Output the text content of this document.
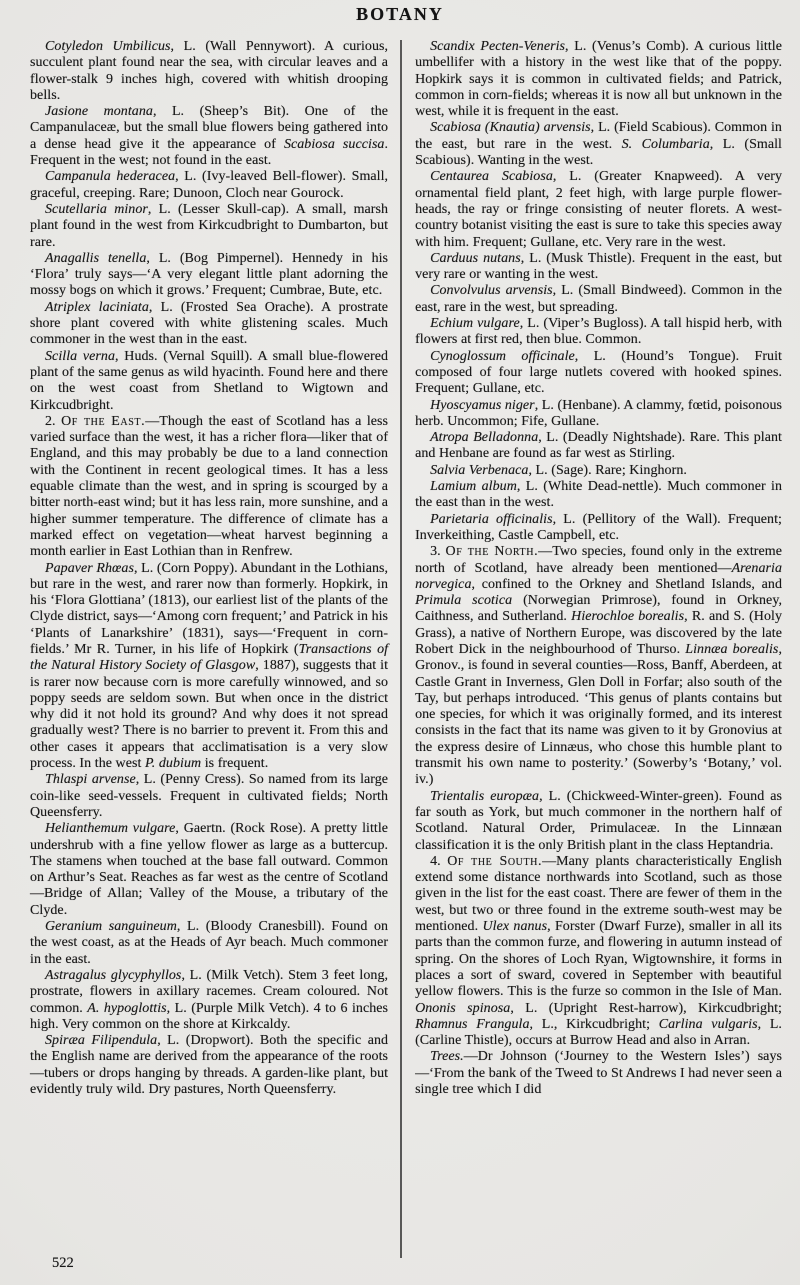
BOTANY

Cotyledon Umbilicus, L. (Wall Pennywort). A curious, succulent plant found near the sea, with circular leaves and a flower-stalk 9 inches high, covered with whitish drooping bells.

Jasione montana, L. (Sheep’s Bit). One of the Campanulaceæ, but the small blue flowers being gathered into a dense head give it the appearance of Scabiosa succisa. Frequent in the west; not found in the east.

Campanula hederacea, L. (Ivy-leaved Bell-flower). Small, graceful, creeping. Rare; Dunoon, Cloch near Gourock.

Scutellaria minor, L. (Lesser Skull-cap). A small, marsh plant found in the west from Kirkcudbright to Dumbarton, but rare.

Anagallis tenella, L. (Bog Pimpernel). Hennedy in his ‘Flora’ truly says—‘A very elegant little plant adorning the mossy bogs on which it grows.’ Frequent; Cumbrae, Bute, etc.

Atriplex laciniata, L. (Frosted Sea Orache). A prostrate shore plant covered with white glistening scales. Much commoner in the west than in the east.

Scilla verna, Huds. (Vernal Squill). A small blue-flowered plant of the same genus as wild hyacinth. Found here and there on the west coast from Shetland to Wigtown and Kirkcudbright.

2. Of the East.—Though the east of Scotland has a less varied surface than the west, it has a richer flora—liker that of England, and this may probably be due to a land connection with the Continent in recent geological times. It has a less equable climate than the west, and in spring is scourged by a bitter north-east wind; but it has less rain, more sunshine, and a higher summer temperature. The difference of climate has a marked effect on vegetation—wheat harvest beginning a month earlier in East Lothian than in Renfrew.

Papaver Rhœas, L. (Corn Poppy). Abundant in the Lothians, but rare in the west, and rarer now than formerly. Hopkirk, in his ‘Flora Glottiana’ (1813), our earliest list of the plants of the Clyde district, says—‘Among corn frequent;’ and Patrick in his ‘Plants of Lanarkshire’ (1831), says—‘Frequent in corn-fields.’ Mr R. Turner, in his life of Hopkirk (Transactions of the Natural History Society of Glasgow, 1887), suggests that it is rarer now because corn is more carefully winnowed, and so poppy seeds are seldom sown. But when once in the district why did it not hold its ground? And why does it not spread gradually west? There is no barrier to prevent it. From this and other cases it appears that acclimatisation is a very slow process. In the west P. dubium is frequent.

Thlaspi arvense, L. (Penny Cress). So named from its large coin-like seed-vessels. Frequent in cultivated fields; North Queensferry.

Helianthemum vulgare, Gaertn. (Rock Rose). A pretty little undershrub with a fine yellow flower as large as a buttercup. The stamens when touched at the base fall outward. Common on Arthur’s Seat. Reaches as far west as the centre of Scotland—Bridge of Allan; Valley of the Mouse, a tributary of the Clyde.

Geranium sanguineum, L. (Bloody Cranesbill). Found on the west coast, as at the Heads of Ayr beach. Much commoner in the east.

Astragalus glycyphyllos, L. (Milk Vetch). Stem 3 feet long, prostrate, flowers in axillary racemes. Cream coloured. Not common. A. hypoglottis, L. (Purple Milk Vetch). 4 to 6 inches high. Very common on the shore at Kirkcaldy.

Spiræa Filipendula, L. (Dropwort). Both the specific and the English name are derived from the appearance of the roots—tubers or drops hanging by threads. A garden-like plant, but evidently truly wild. Dry pastures, North Queensferry.

Scandix Pecten-Veneris, L. (Venus’s Comb). A curious little umbellifer with a history in the west like that of the poppy. Hopkirk says it is common in cultivated fields; and Patrick, common in corn-fields; whereas it is now all but unknown in the west, while it is frequent in the east.

Scabiosa (Knautia) arvensis, L. (Field Scabious). Common in the east, but rare in the west. S. Columbaria, L. (Small Scabious). Wanting in the west.

Centaurea Scabiosa, L. (Greater Knapweed). A very ornamental field plant, 2 feet high, with large purple flower-heads, the ray or fringe consisting of neuter florets. A west-country botanist visiting the east is sure to take this species away with him. Frequent; Gullane, etc. Very rare in the west.

Carduus nutans, L. (Musk Thistle). Frequent in the east, but very rare or wanting in the west.

Convolvulus arvensis, L. (Small Bindweed). Common in the east, rare in the west, but spreading.

Echium vulgare, L. (Viper’s Bugloss). A tall hispid herb, with flowers at first red, then blue. Common.

Cynoglossum officinale, L. (Hound’s Tongue). Fruit composed of four large nutlets covered with hooked spines. Frequent; Gullane, etc.

Hyoscyamus niger, L. (Henbane). A clammy, fœtid, poisonous herb. Uncommon; Fife, Gullane.

Atropa Belladonna, L. (Deadly Nightshade). Rare. This plant and Henbane are found as far west as Stirling.

Salvia Verbenaca, L. (Sage). Rare; Kinghorn.

Lamium album, L. (White Dead-nettle). Much commoner in the east than in the west.

Parietaria officinalis, L. (Pellitory of the Wall). Frequent; Inverkeithing, Castle Campbell, etc.

3. Of the North.—Two species, found only in the extreme north of Scotland, have already been mentioned—Arenaria norvegica, confined to the Orkney and Shetland Islands, and Primula scotica (Norwegian Primrose), found in Orkney, Caithness, and Sutherland. Hierochloe borealis, R. and S. (Holy Grass), a native of Northern Europe, was discovered by the late Robert Dick in the neighbourhood of Thurso. Linnæa borealis, Gronov., is found in several counties—Ross, Banff, Aberdeen, at Castle Grant in Inverness, Glen Doll in Forfar; also south of the Tay, but perhaps introduced. ‘This genus of plants contains but one species, for which it was originally formed, and its interest consists in the fact that its name was given to it by Gronovius at the express desire of Linnæus, who chose this humble plant to transmit his own name to posterity.’ (Sowerby’s ‘Botany,’ vol. iv.)

Trientalis europæa, L. (Chickweed-Winter-green). Found as far south as York, but much commoner in the northern half of Scotland. Natural Order, Primulaceæ. In the Linnæan classification it is the only British plant in the class Heptandria.

4. Of the South.—Many plants characteristically English extend some distance northwards into Scotland, such as those given in the list for the east coast. There are fewer of them in the west, but two or three found in the extreme south-west may be mentioned. Ulex nanus, Forster (Dwarf Furze), smaller in all its parts than the common furze, and flowering in autumn instead of spring. On the shores of Loch Ryan, Wigtownshire, it forms in places a sort of sward, covered in September with beautiful yellow flowers. This is the furze so common in the Isle of Man. Ononis spinosa, L. (Upright Rest-harrow), Kirkcudbright; Rhamnus Frangula, L., Kirkcudbright; Carlina vulgaris, L. (Carline Thistle), occurs at Burrow Head and also in Arran.

Trees.—Dr Johnson (‘Journey to the Western Isles’) says—‘From the bank of the Tweed to St Andrews I had never seen a single tree which I did

522
